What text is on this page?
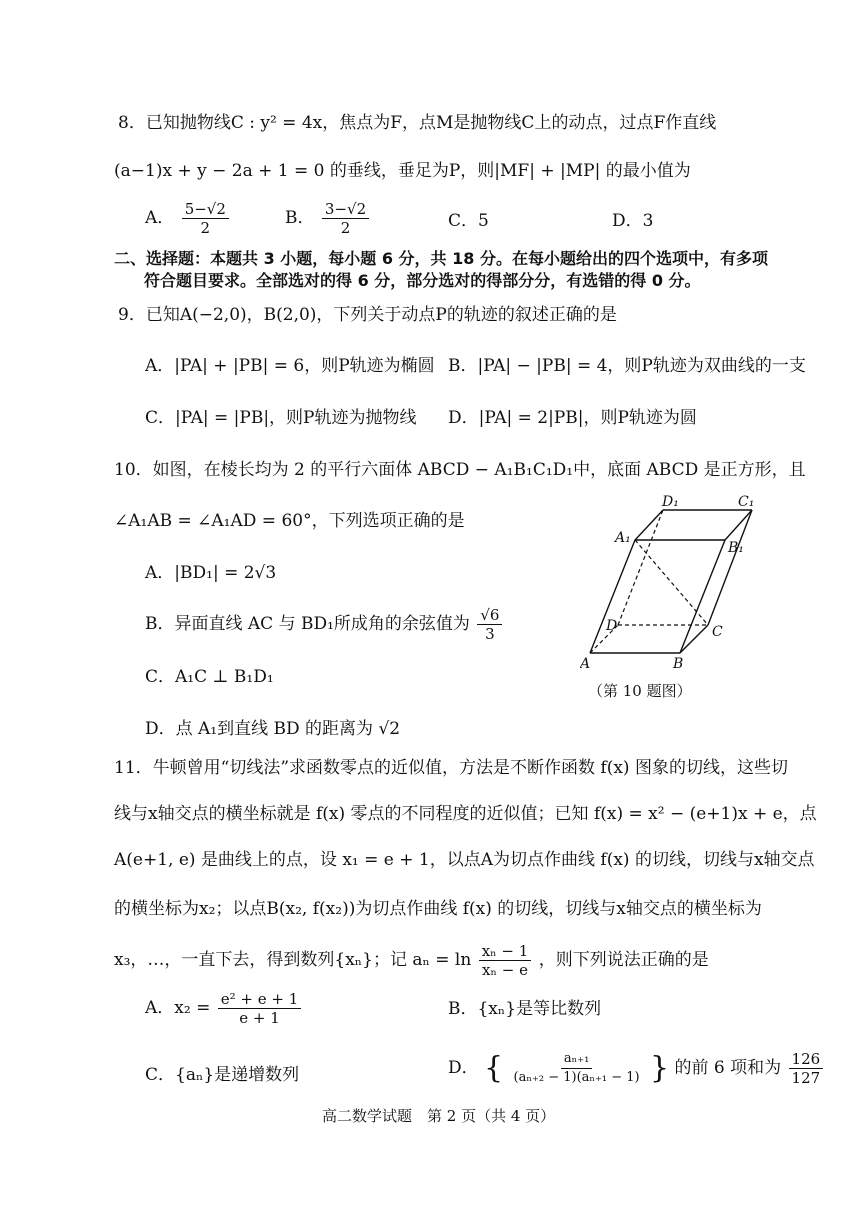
8．已知抛物线C : y² = 4x，焦点为F，点M是抛物线C上的动点，过点F作直线
(a−1)x + y − 2a + 1 = 0 的垂线，垂足为P，则|MF| + |MP| 的最小值为
A． $\frac{5-√2}{2}$	B． $\frac{3-√2}{2}$	C．5	D．3
二、选择题：本题共 3 小题，每小题 6 分，共 18 分。在每小题给出的四个选项中，有多项
符合题目要求。全部选对的得 6 分，部分选对的得部分分，有选错的得 0 分。
9．已知A(−2,0)，B(2,0)，下列关于动点P的轨迹的叙述正确的是
A．|PA| + |PB| = 6，则P轨迹为椭圆 B．|PA| − |PB| = 4，则P轨迹为双曲线的一支
C．|PA| = |PB|，则P轨迹为抛物线 D．|PA| = 2|PB|，则P轨迹为圆
10．如图，在棱长均为 2 的平行六面体 ABCD − A₁B₁C₁D₁中，底面 ABCD 是正方形，且
∠A₁AB = ∠A₁AD = 60°，下列选项正确的是
A．|BD₁| = 2√3
B．异面直线 AC 与 BD₁所成角的余弦值为 $\frac{√6}{3}$
C．A₁C ⊥ B₁D₁
D．点 A₁到直线 BD 的距离为 √2
A	B
C
D
A₁
B₁
C₁
D₁
（第 10 题图）
11．牛顿曾用“切线法”求函数零点的近似值，方法是不断作函数 f(x) 图象的切线，这些切
线与x轴交点的横坐标就是 f(x) 零点的不同程度的近似值；已知 f(x) = x² − (e+1)x + e，点
A(e+1, e) 是曲线上的点，设 x₁ = e + 1，以点A为切点作曲线 f(x) 的切线，切线与x轴交点
的横坐标为x₂；以点B(x₂, f(x₂))为切点作曲线 f(x) 的切线，切线与x轴交点的横坐标为
x₃，…，一直下去，得到数列{xₙ}；记 $a_n = \ln \frac{\text{xₙ − 1}}{\text{xₙ − e}}$ ，则下列说法正确的是
A．$x_2 = \frac{\text{e² + e + 1}}{e + 1}$	B．{xₙ}是等比数列
C．{aₙ}是递增数列	D． { $\frac{\text{aₙ₊₁}}{\text{(aₙ₊₂ − 1)(aₙ₊₁ − 1)}}$ } 的前 6 项和为 $\frac{126}{127}$
高二数学试题　第 2 页（共 4 页）
